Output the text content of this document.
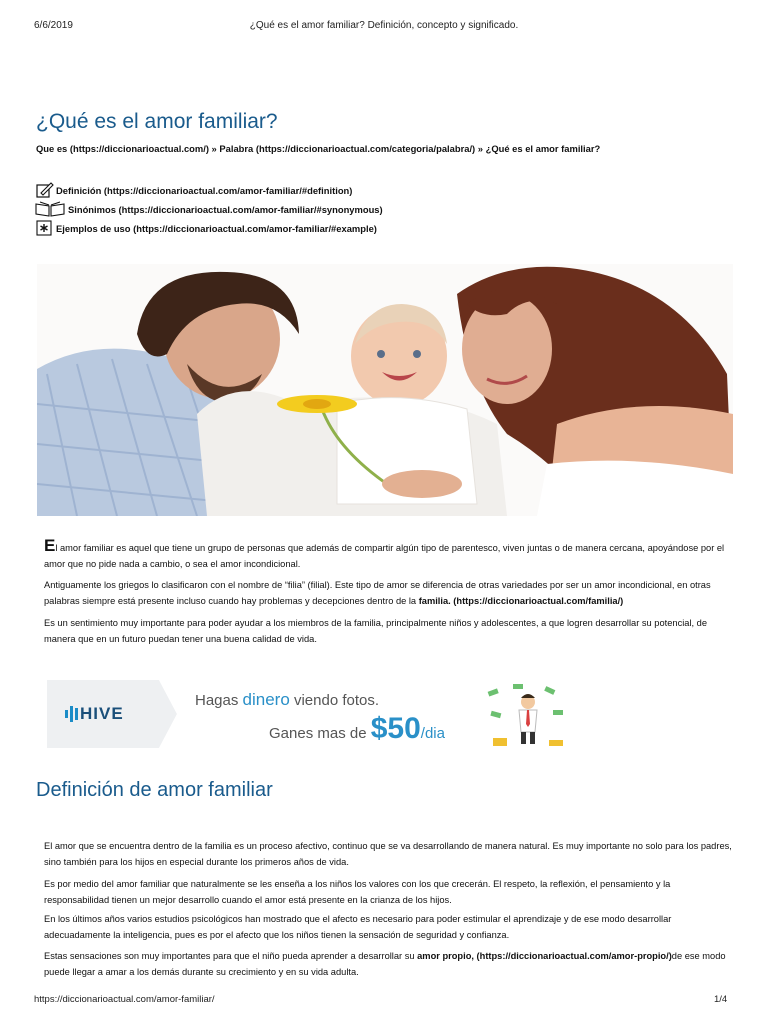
6/6/2019	¿Qué es el amor familiar? Definición, concepto y significado.
¿Qué es el amor familiar?
Que es (https://diccionarioactual.com/) » Palabra (https://diccionarioactual.com/categoria/palabra/) » ¿Qué es el amor familiar?
Definición (https://diccionarioactual.com/amor-familiar/#definition)
Sinónimos (https://diccionarioactual.com/amor-familiar/#synonymous)
Ejemplos de uso (https://diccionarioactual.com/amor-familiar/#example)

El amor familiar es aquel que tiene un grupo de personas que además de compartir algún tipo de parentesco, viven juntas o de manera cercana, apoyándose por el amor que no pide nada a cambio, o sea el amor incondicional.

Antiguamente los griegos lo clasificaron con el nombre de “filia” (filial). Este tipo de amor se diferencia de otras variedades por ser un amor incondicional, en otras palabras siempre está presente incluso cuando hay problemas y decepciones dentro de la familia. (https://diccionarioactual.com/familia/)

Es un sentimiento muy importante para poder ayudar a los miembros de la familia, principalmente niños y adolescentes, a que logren desarrollar su potencial, de manera que en un futuro puedan tener una buena calidad de vida.

HIVE
Hagas dinero viendo fotos.
Ganes mas de $50/dia
Definición de amor familiar

El amor que se encuentra dentro de la familia es un proceso afectivo, continuo que se va desarrollando de manera natural. Es muy importante no solo para los padres, sino también para los hijos en especial durante los primeros años de vida.

Es por medio del amor familiar que naturalmente se les enseña a los niños los valores con los que crecerán. El respeto, la reflexión, el pensamiento y la responsabilidad tienen un mejor desarrollo cuando el amor está presente en la crianza de los hijos.

En los últimos años varios estudios psicológicos han mostrado que el afecto es necesario para poder estimular el aprendizaje y de ese modo desarrollar adecuadamente la inteligencia, pues es por el afecto que los niños tienen la sensación de seguridad y confianza.

Estas sensaciones son muy importantes para que el niño pueda aprender a desarrollar su amor propio, (https://diccionarioactual.com/amor-propio/)de ese modo puede llegar a amar a los demás durante su crecimiento y en su vida adulta.

https://diccionarioactual.com/amor-familiar/	1/4
